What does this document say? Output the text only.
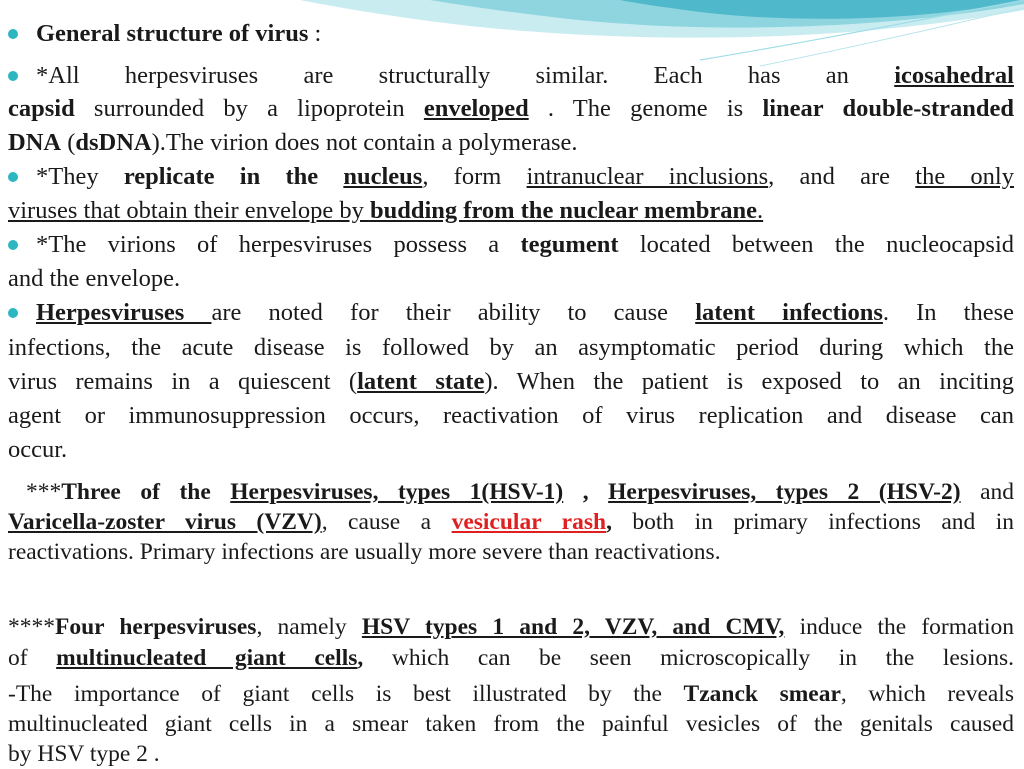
General structure of virus :
*All herpesviruses are structurally similar. Each has an icosahedral
capsid surrounded by a lipoprotein enveloped . The genome is linear double-stranded
DNA (dsDNA).The virion does not contain a polymerase.
*They replicate in the nucleus, form intranuclear inclusions, and are the only
viruses that obtain their envelope by budding from the nuclear membrane.
*The virions of herpesviruses possess a tegument located between the nucleocapsid
and the envelope.
Herpesviruses are noted for their ability to cause latent infections. In these
infections, the acute disease is followed by an asymptomatic period during which the
virus remains in a quiescent (latent state). When the patient is exposed to an inciting
agent or immunosuppression occurs, reactivation of virus replication and disease can
occur.
***Three of the Herpesviruses, types 1(HSV-1) , Herpesviruses, types 2 (HSV-2) and
Varicella-zoster virus (VZV), cause a vesicular rash, both in primary infections and in
reactivations. Primary infections are usually more severe than reactivations.
****Four herpesviruses, namely HSV types 1 and 2, VZV, and CMV, induce the formation
of multinucleated giant cells, which can be seen microscopically in the lesions.
-The importance of giant cells is best illustrated by the Tzanck smear, which reveals
multinucleated giant cells in a smear taken from the painful vesicles of the genitals caused
by HSV type 2 .
